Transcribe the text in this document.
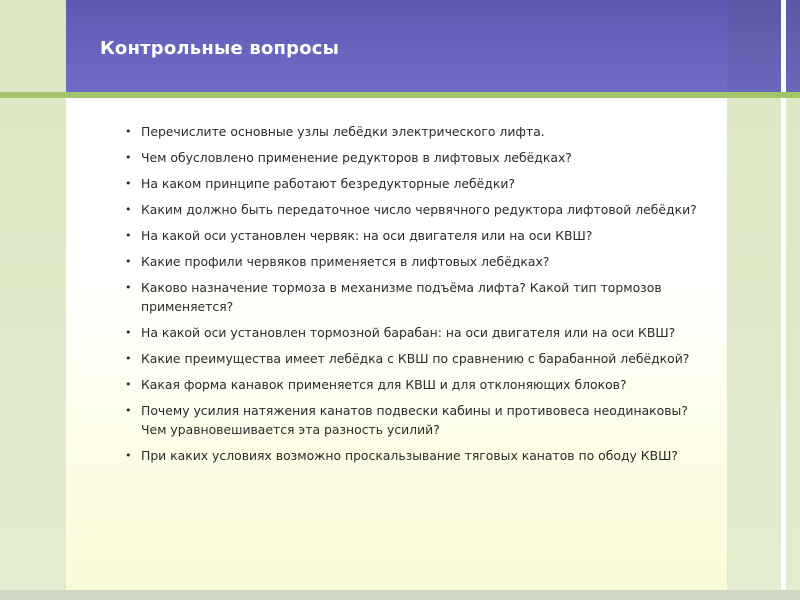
Контрольные вопросы
• Перечислите основные узлы лебёдки электрического лифта.
• Чем обусловлено применение редукторов в лифтовых лебёдках?
• На каком принципе работают безредукторные лебёдки?
• Каким должно быть передаточное число червячного редуктора лифтовой лебёдки?
• На какой оси установлен червяк: на оси двигателя или на оси КВШ?
• Какие профили червяков применяется в лифтовых лебёдках?
• Каково назначение тормоза в механизме подъёма лифта? Какой тип тормозов применяется?
• На какой оси установлен тормозной барабан: на оси двигателя или на оси КВШ?
• Какие преимущества имеет лебёдка с КВШ по сравнению с барабанной лебёдкой?
• Какая форма канавок применяется для КВШ и для отклоняющих блоков?
• Почему усилия натяжения канатов подвески кабины и противовеса неодинаковы? Чем уравновешивается эта разность усилий?
• При каких условиях возможно проскальзывание тяговых канатов по ободу КВШ?
